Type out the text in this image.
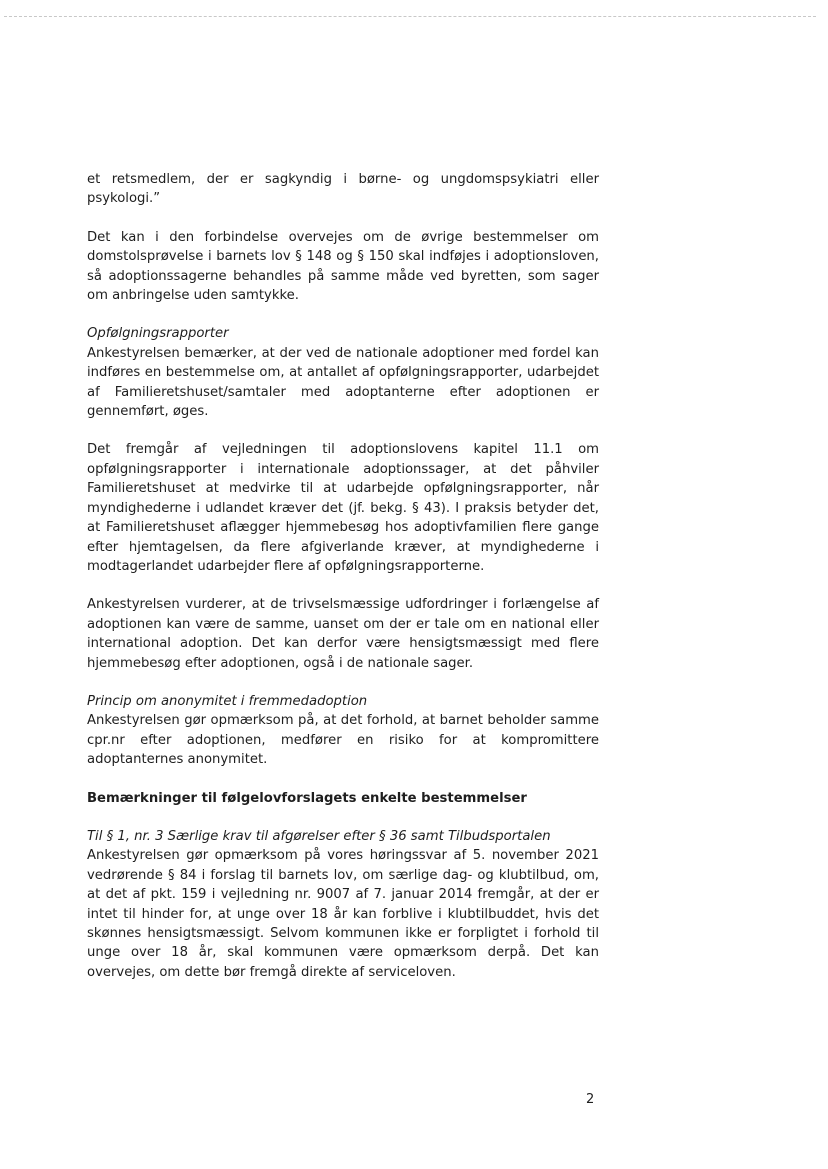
et retsmedlem, der er sagkyndig i børne- og ungdomspsykiatri eller psykologi.”

Det kan i den forbindelse overvejes om de øvrige bestemmelser om domstolsprøvelse i barnets lov § 148 og § 150 skal indføjes i adoptionsloven, så adoptionssagerne behandles på samme måde ved byretten, som sager om anbringelse uden samtykke.

Opfølgningsrapporter

Ankestyrelsen bemærker, at der ved de nationale adoptioner med fordel kan indføres en bestemmelse om, at antallet af opfølgningsrapporter, udarbejdet af Familieretshuset/samtaler med adoptanterne efter adoptionen er gennemført, øges.

Det fremgår af vejledningen til adoptionslovens kapitel 11.1 om opfølgningsrapporter i internationale adoptionssager, at det påhviler Familieretshuset at medvirke til at udarbejde opfølgningsrapporter, når myndighederne i udlandet kræver det (jf. bekg. § 43). I praksis betyder det, at Familieretshuset aflægger hjemmebesøg hos adoptivfamilien flere gange efter hjemtagelsen, da flere afgiverlande kræver, at myndighederne i modtagerlandet udarbejder flere af opfølgningsrapporterne.

Ankestyrelsen vurderer, at de trivselsmæssige udfordringer i forlængelse af adoptionen kan være de samme, uanset om der er tale om en national eller international adoption. Det kan derfor være hensigtsmæssigt med flere hjemmebesøg efter adoptionen, også i de nationale sager.

Princip om anonymitet i fremmedadoption

Ankestyrelsen gør opmærksom på, at det forhold, at barnet beholder samme cpr.nr efter adoptionen, medfører en risiko for at kompromittere adoptanternes anonymitet.

Bemærkninger til følgelovforslagets enkelte bestemmelser
Til § 1, nr. 3 Særlige krav til afgørelser efter § 36 samt Tilbudsportalen

Ankestyrelsen gør opmærksom på vores høringssvar af 5. november 2021 vedrørende § 84 i forslag til barnets lov, om særlige dag- og klubtilbud, om, at det af pkt. 159 i vejledning nr. 9007 af 7. januar 2014 fremgår, at der er intet til hinder for, at unge over 18 år kan forblive i klubtilbuddet, hvis det skønnes hensigtsmæssigt. Selvom kommunen ikke er forpligtet i forhold til unge over 18 år, skal kommunen være opmærksom derpå. Det kan overvejes, om dette bør fremgå direkte af serviceloven.

2
